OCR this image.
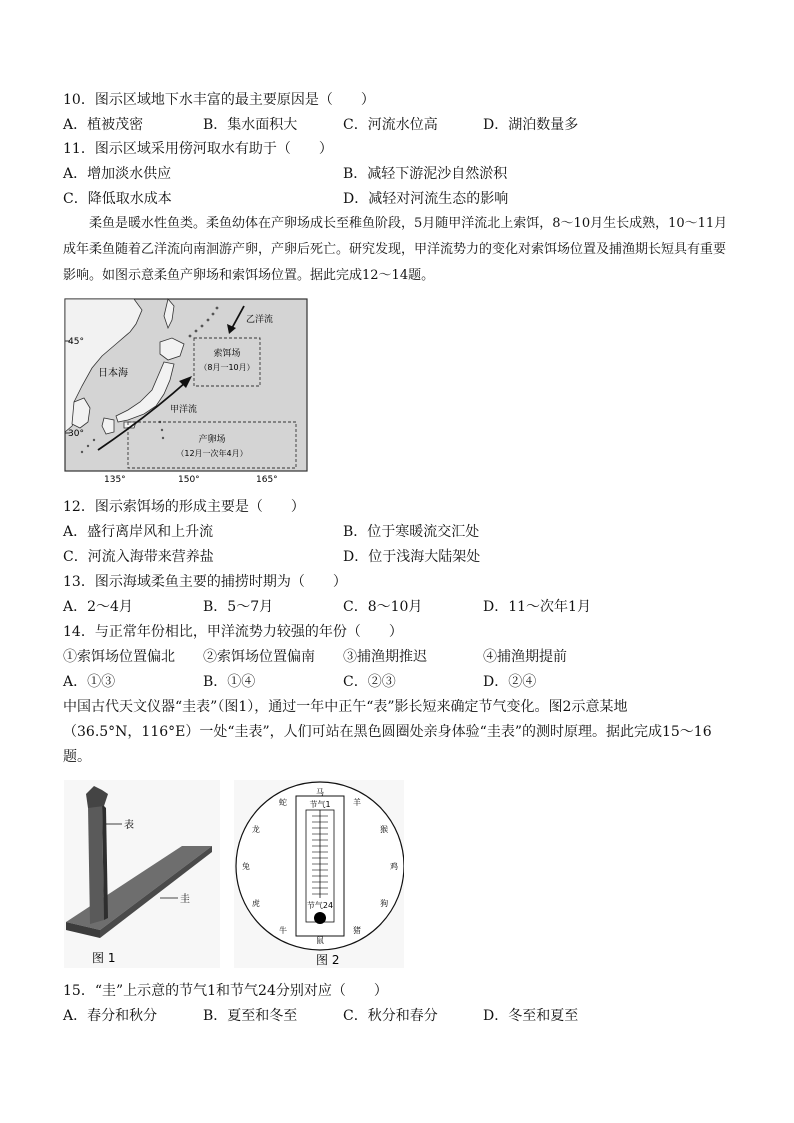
10．图示区域地下水丰富的最主要原因是（　　）
A．植被茂密	B．集水面积大	C．河流水位高	D．湖泊数量多
11．图示区域采用傍河取水有助于（　　）
A．增加淡水供应	B．减轻下游泥沙自然淤积
C．降低取水成本	D．减轻对河流生态的影响
柔鱼是暖水性鱼类。柔鱼幼体在产卵场成长至稚鱼阶段，5月随甲洋流北上索饵，8～10月生长成熟，10～11月成年柔鱼随着乙洋流向南洄游产卵，产卵后死亡。研究发现，甲洋流势力的变化对索饵场位置及捕渔期长短具有重要影响。如图示意柔鱼产卵场和索饵场位置。据此完成12～14题。
45°
30°
135°	150°	165°
日本海
索饵场
（8月一10月）
产卵场
（12月一次年4月）
甲洋流
乙洋流
12．图示索饵场的形成主要是（　　）
A．盛行离岸风和上升流	B．位于寒暖流交汇处
C．河流入海带来营养盐	D．位于浅海大陆架处
13．图示海域柔鱼主要的捕捞时期为（　　）
A．2～4月	B．5～7月	C．8～10月	D．11～次年1月
14．与正常年份相比，甲洋流势力较强的年份（　　）
①索饵场位置偏北 ②索饵场位置偏南 ③捕渔期推迟	④捕渔期提前
A．①③	B．①④	C．②③	D．②④
中国古代天文仪器“圭表”（图1），通过一年中正午“表”影长短来确定节气变化。图2示意某地
（36.5°N，116°E）一处“圭表”，人们可站在黑色圆圈处亲身体验“圭表”的测时原理。据此完成15～16
题。
表
圭
图 1
节气1
节气24
马
羊
猴
鸡
狗
猪
鼠
牛
虎
兔
龙
蛇
图 2
15．“圭”上示意的节气1和节气24分别对应（　　）
A．春分和秋分	B．夏至和冬至	C．秋分和春分	D．冬至和夏至
